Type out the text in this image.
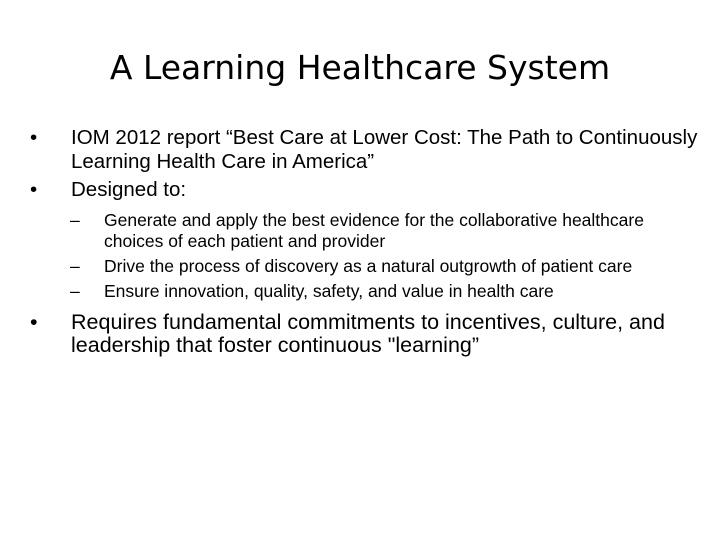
A Learning Healthcare System
•	IOM 2012 report “Best Care at Lower Cost: The Path to Continuously Learning Health Care in America”
•	Designed to:
– Generate and apply the best evidence for the collaborative healthcare choices of each patient and provider
– Drive the process of discovery as a natural outgrowth of patient care
– Ensure innovation, quality, safety, and value in health care
•	Requires fundamental commitments to incentives, culture, and leadership that foster continuous "learning”
